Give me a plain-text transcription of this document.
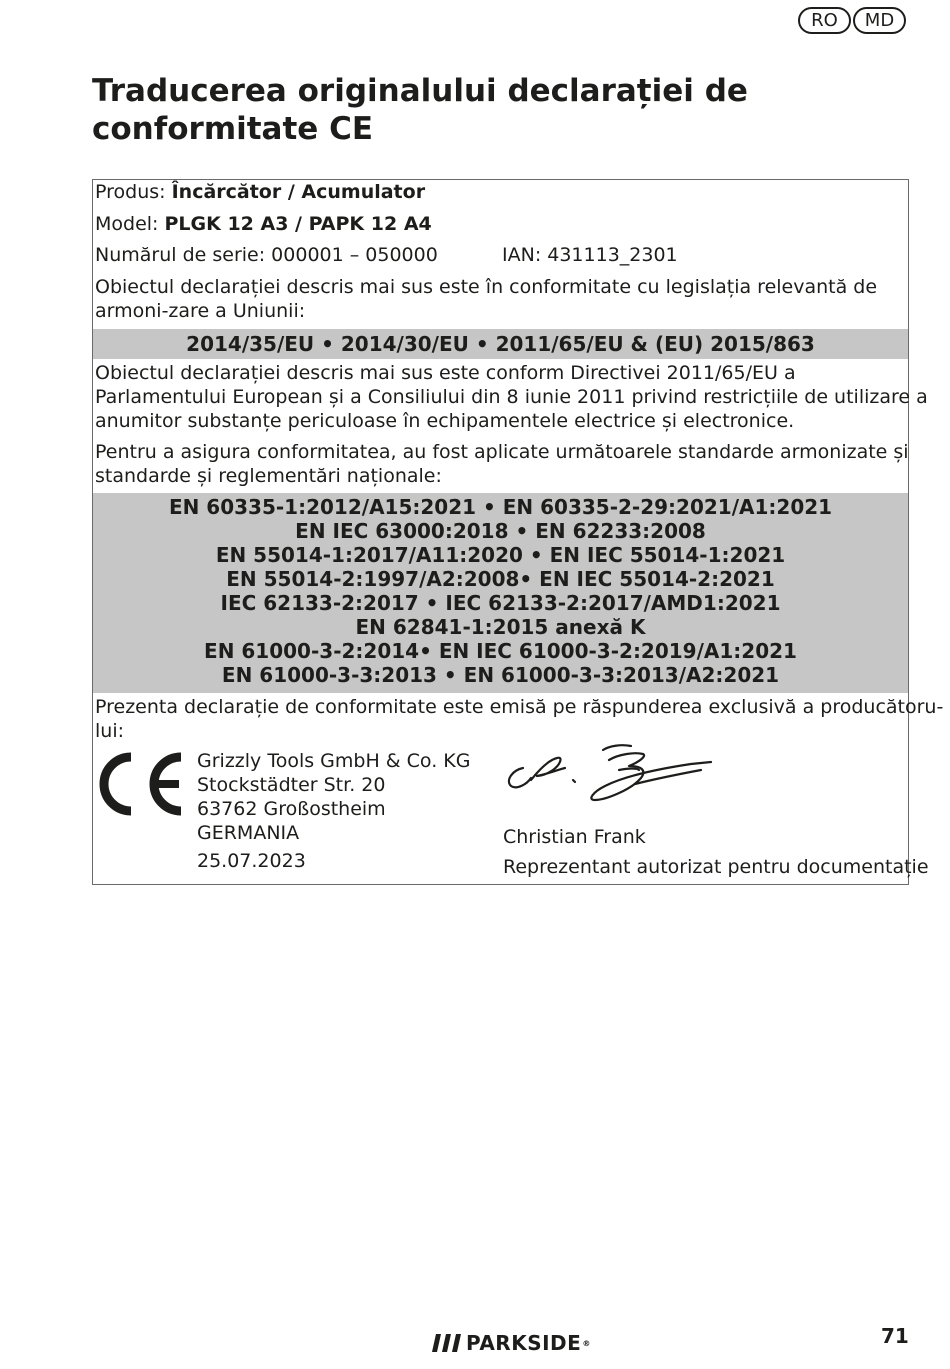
RO	MD
Traducerea originalului declarației de conformitate CE
Produs: Încărcător / Acumulator
Model: PLGK 12 A3 / PAPK 12 A4
Numărul de serie: 000001 – 050000	IAN: 431113_2301
Obiectul declarației descris mai sus este în conformitate cu legislația relevantă de armoni-zare a Uniunii:
2014/35/EU • 2014/30/EU • 2011/65/EU & (EU) 2015/863
Obiectul declarației descris mai sus este conform Directivei 2011/65/EU a
Parlamentului European și a Consiliului din 8 iunie 2011 privind restricțiile de utilizare a
anumitor substanțe periculoase în echipamentele electrice și electronice.
Pentru a asigura conformitatea, au fost aplicate următoarele standarde armonizate și
standarde și reglementări naționale:
EN 60335-1:2012/A15:2021 • EN 60335-2-29:2021/A1:2021
EN IEC 63000:2018 • EN 62233:2008
EN 55014-1:2017/A11:2020 • EN IEC 55014-1:2021
EN 55014-2:1997/A2:2008• EN IEC 55014-2:2021
IEC 62133-2:2017 • IEC 62133-2:2017/AMD1:2021
EN 62841-1:2015 anexă K
EN 61000-3-2:2014• EN IEC 61000-3-2:2019/A1:2021
EN 61000-3-3:2013 • EN 61000-3-3:2013/A2:2021
Prezenta declarație de conformitate este emisă pe răspunderea exclusivă a producătoru-
lui:
Grizzly Tools GmbH & Co. KG
Stockstädter Str. 20
63762 Großostheim
GERMANIA
25.07.2023
Christian Frank
Reprezentant autorizat pentru documentație
PARKSIDE ®	71
